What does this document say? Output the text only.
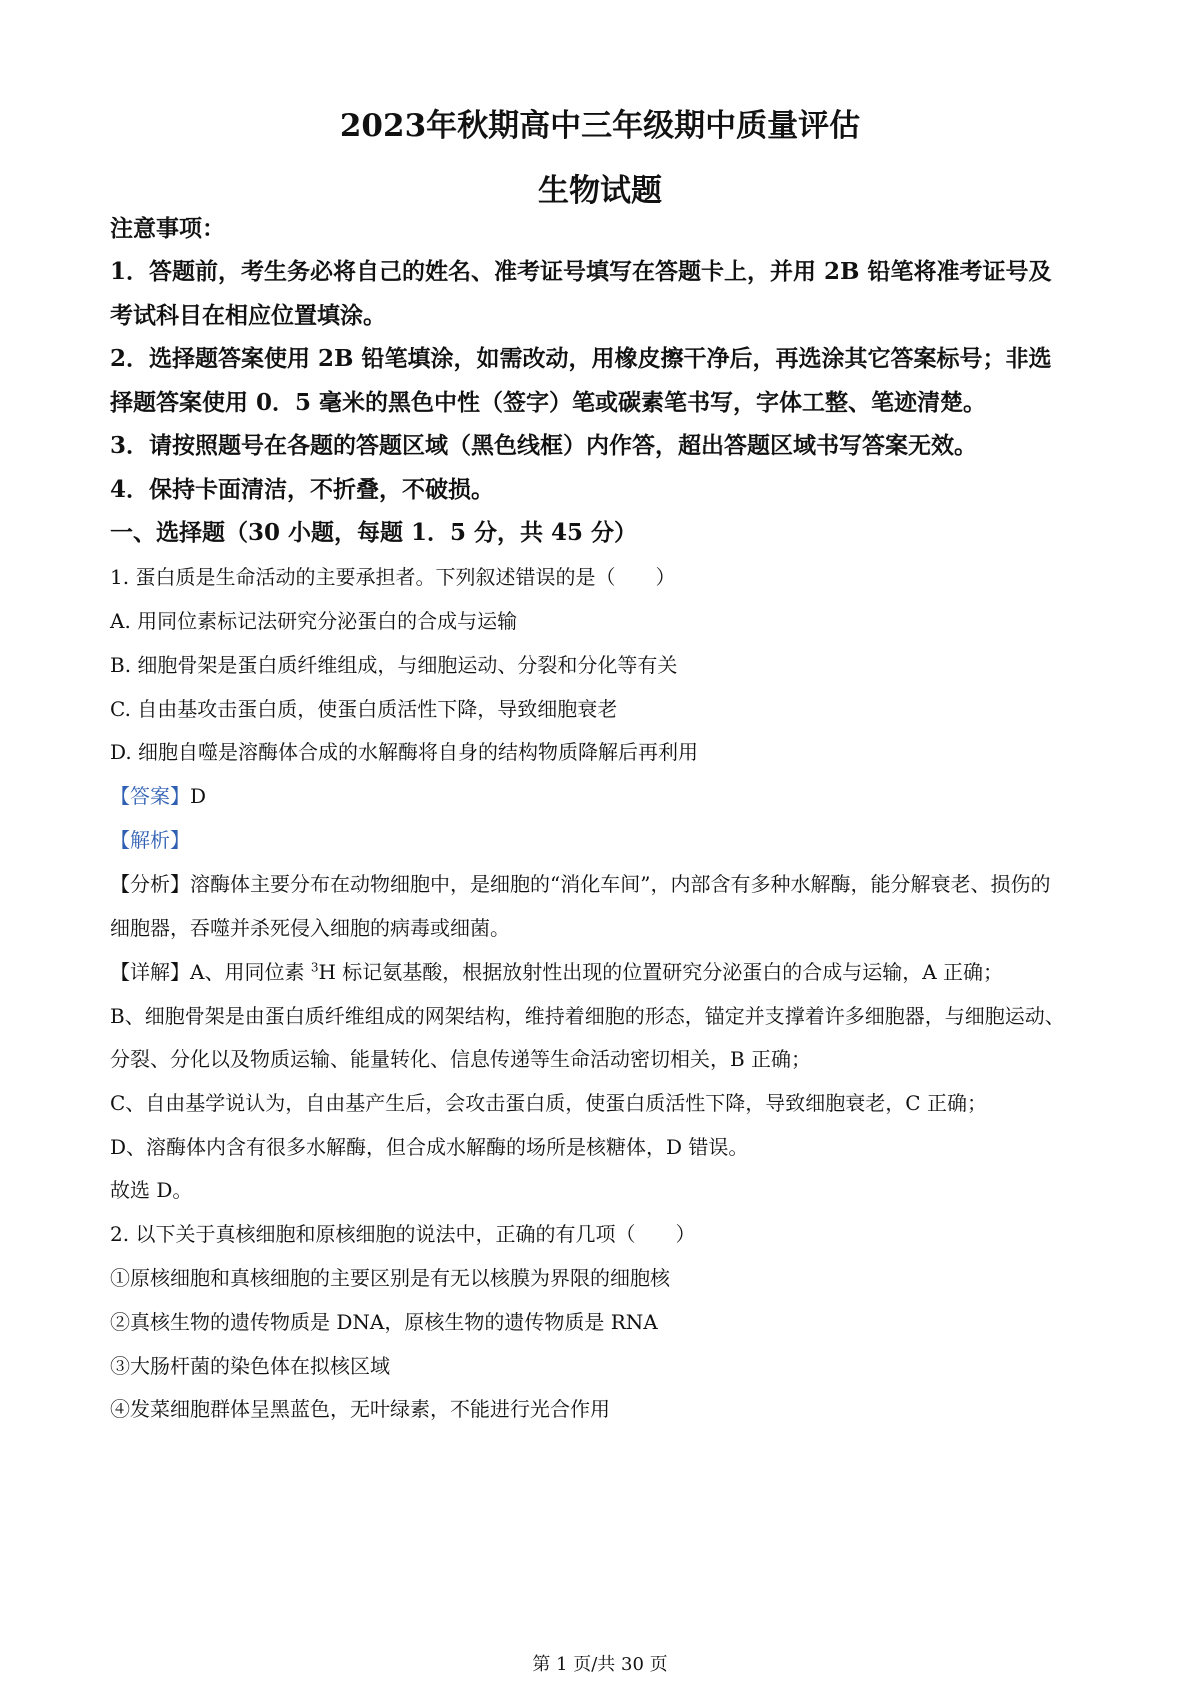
2023年秋期高中三年级期中质量评估
生物试题
注意事项：
1．答题前，考生务必将自己的姓名、准考证号填写在答题卡上，并用 2B 铅笔将准考证号及
考试科目在相应位置填涂。
2．选择题答案使用 2B 铅笔填涂，如需改动，用橡皮擦干净后，再选涂其它答案标号；非选
择题答案使用 0．5 毫米的黑色中性（签字）笔或碳素笔书写，字体工整、笔迹清楚。
3．请按照题号在各题的答题区域（黑色线框）内作答，超出答题区域书写答案无效。
4．保持卡面清洁，不折叠，不破损。
一、选择题（30 小题，每题 1．5 分，共 45 分）
1. 蛋白质是生命活动的主要承担者。下列叙述错误的是（　　）
A. 用同位素标记法研究分泌蛋白的合成与运输
B. 细胞骨架是蛋白质纤维组成，与细胞运动、分裂和分化等有关
C. 自由基攻击蛋白质，使蛋白质活性下降，导致细胞衰老
D. 细胞自噬是溶酶体合成的水解酶将自身的结构物质降解后再利用
【答案】D
【解析】
【分析】溶酶体主要分布在动物细胞中，是细胞的“消化车间”，内部含有多种水解酶，能分解衰老、损伤的
细胞器，吞噬并杀死侵入细胞的病毒或细菌。
【详解】A、用同位素 $^3$H 标记氨基酸，根据放射性出现的位置研究分泌蛋白的合成与运输，A 正确；
B、细胞骨架是由蛋白质纤维组成的网架结构，维持着细胞的形态，锚定并支撑着许多细胞器，与细胞运动、
分裂、分化以及物质运输、能量转化、信息传递等生命活动密切相关，B 正确；
C、自由基学说认为，自由基产生后，会攻击蛋白质，使蛋白质活性下降，导致细胞衰老，C 正确；
D、溶酶体内含有很多水解酶，但合成水解酶的场所是核糖体，D 错误。
故选 D。
2. 以下关于真核细胞和原核细胞的说法中，正确的有几项（　　）
①原核细胞和真核细胞的主要区别是有无以核膜为界限的细胞核
②真核生物的遗传物质是 DNA，原核生物的遗传物质是 RNA
③大肠杆菌的染色体在拟核区域
④发菜细胞群体呈黑蓝色，无叶绿素，不能进行光合作用
第 1 页/共 30 页
